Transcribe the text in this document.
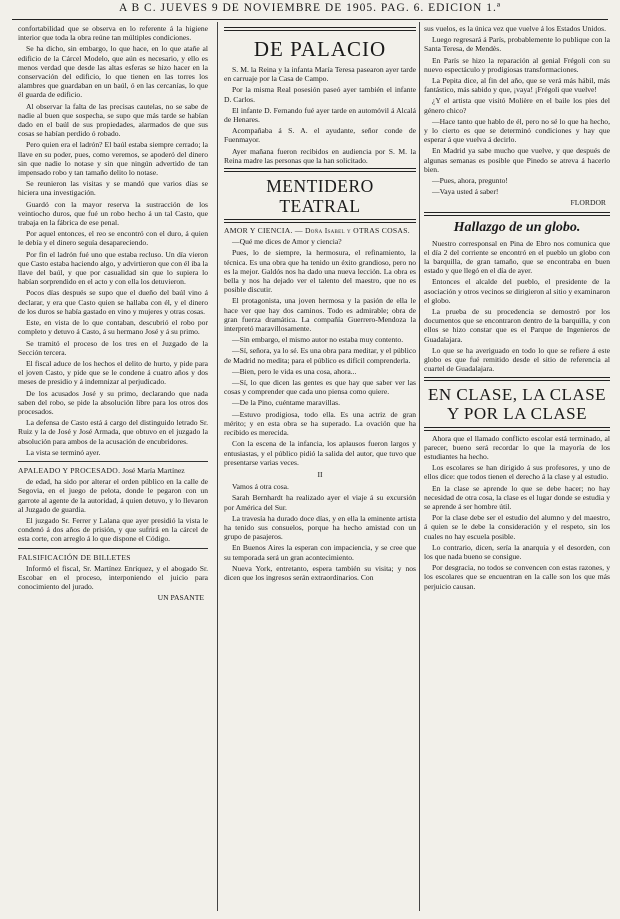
A B C. JUEVES 9 DE NOVIEMBRE DE 1905. PAG. 6. EDICION 1.ª

confortabilidad que se observa en lo referente á la higiene interior que toda la obra reúne tan múltiples condiciones.

Se ha dicho, sin embargo, lo que hace, en lo que atañe al edificio de la Cárcel Modelo, que aún es necesario, y ello es menos verdad que desde las altas esferas se hizo hacer en la conservación del edificio, lo que tienen en las torres los alambres que guardaban en un baúl, ó en las cercanías, lo que él guarda de edificio.

Al observar la falta de las precisas cautelas, no se sabe de nadie al buen que sospecha, se supo que más tarde se habían dado en el baúl de sus propiedades, alarmados de que sus cosas se habían perdido ó robado.

Pero quien era el ladrón? El baúl estaba siempre cerrado; la llave en su poder, pues, como veremos, se apoderó del dinero sin que nadie lo notase y sin que ningún advertido de tan impensado robo y tan tamaño delito lo notase.

Se reunieron las visitas y se mandó que varios días se hiciera una investigación.

Guardó con la mayor reserva la sustracción de los veintiocho duros, que fué un robo hecho á un tal Casto, que trabaja en la fábrica de ese penal.

Por aquel entonces, el reo se encontró con el duro, á quien le debía y el dinero seguía desapareciendo.

Por fin el ladrón fué uno que estaba recluso. Un día vieron que Casto estaba haciendo algo, y advirtieron que con él iba la llave del baúl, y que por casualidad sin que lo supiera lo habían sorprendido en el acto y con ella los detuvieron.

Pocos días después se supo que el dueño del baúl vino á declarar, y era que Casto quien se hallaba con él, y el dinero de los duros se había gastado en vino y mujeres y otras cosas.

Este, en vista de lo que contaban, descubrió el robo por completo y detuvo á Casto, á su hermano José y á su primo.

Se tramitó el proceso de los tres en el Juzgado de la Sección tercera.

El fiscal aduce de los hechos el delito de hurto, y pide para el joven Casto, y pide que se le condene á cuatro años y dos meses de presidio y á indemnizar al perjudicado.

De los acusados José y su primo, declarando que nada saben del robo, se pide la absolución libre para los otros dos procesados.

La defensa de Casto está á cargo del distinguido letrado Sr. Ruiz y la de José y José Armada, que obtuvo en el juzgado la absolución para ambos de la acusación de encubridores.

La vista se terminó ayer.

APALEADO Y PROCESADO. José María Martínez

de edad, ha sido por alterar el orden público en la calle de Segovia, en el juego de pelota, donde le pegaron con un garrote al agente de la autoridad, á quien detuvo, y lo llevaron al Juzgado de guardia.

El juzgado Sr. Ferrer y Lalana que ayer presidió la vista le condenó á dos años de prisión, y que sufrirá en la cárcel de esta corte, con arreglo á lo que dispone el Código.

FALSIFICACIÓN DE BILLETES

Informó el fiscal, Sr. Martínez Enríquez, y el abogado Sr. Escobar en el proceso, interponiendo el juicio para conocimiento del jurado.

UN PASANTE

DE PALACIO

S. M. la Reina y la infanta María Teresa pasearon ayer tarde en carruaje por la Casa de Campo.

Por la misma Real posesión paseó ayer también el infante D. Carlos.

El infante D. Fernando fué ayer tarde en automóvil á Alcalá de Henares.

Acompañaba á S. A. el ayudante, señor conde de Fuenmayor.

Ayer mañana fueron recibidos en audiencia por S. M. la Reina madre las personas que la han solicitado.

MENTIDERO TEATRAL

AMOR Y CIENCIA. — Doña Isabel y OTRAS COSAS.

—Qué me dices de Amor y ciencia?

Pues, lo de siempre, la hermosura, el refinamiento, la técnica. Es una obra que ha tenido un éxito grandioso, pero no es la mejor. Galdós nos ha dado una nueva lección. La obra es bella y nos ha dejado ver el talento del maestro, que no es posible discutir.

El protagonista, una joven hermosa y la pasión de ella le hace ver que hay dos caminos. Todo es admirable; obra de gran fuerza dramática. La compañía Guerrero-Mendoza la interpretó maravillosamente.

—Sin embargo, el mismo autor no estaba muy contento.

—Sí, señora, ya lo sé. Es una obra para meditar, y el público de Madrid no medita; para el público es difícil comprenderla.

—Bien, pero le vida es una cosa, ahora...

—Sí, lo que dicen las gentes es que hay que saber ver las cosas y comprender que cada uno piensa como quiere.

—De la Pino, cuéntame maravillas.

—Estuvo prodigiosa, todo ella. Es una actriz de gran mérito; y en esta obra se ha superado. La ovación que ha recibido es merecida.

Con la escena de la infancia, los aplausos fueron largos y entusiastas, y el público pidió la salida del autor, que tuvo que presentarse varias veces.

II

Vamos á otra cosa.

Sarah Bernhardt ha realizado ayer el viaje á su excursión por América del Sur.

La travesía ha durado doce días, y en ella la eminente artista ha tenido sus consuelos, porque ha hecho amistad con un grupo de pasajeros.

En Buenos Aires la esperan con impaciencia, y se cree que su temporada será un gran acontecimiento.

Nueva York, entretanto, espera también su visita; y nos dicen que los ingresos serán extraordinarios. Con

sus vuelos, es la única vez que vuelve á los Estados Unidos.

Luego regresará á París, probablemente lo publique con la Santa Teresa, de Mendès.

En París se hizo la reparación al genial Frégoli con su nuevo espectáculo y prodigiosas transformaciones.

La Pepita dice, al fin del año, que se verá más hábil, más fantástico, más sabido y que, ¡vaya! ¡Frégoli que vuelve!

¿Y el artista que visitó Molière en el baile los pies del género chico?

—Hace tanto que hablo de él, pero no sé lo que ha hecho, y lo cierto es que se determinó condiciones y hay que esperar á que vuelva á decirlo.

En Madrid ya sabe mucho que vuelve, y que después de algunas semanas es posible que Pinedo se atreva á hacerlo bien.

—Pues, ahora, pregunto!

—Vaya usted á saber!

FLORDOR

Hallazgo de un globo.

Nuestro corresponsal en Pina de Ebro nos comunica que el día 2 del corriente se encontró en el pueblo un globo con la barquilla, de gran tamaño, que se encontraba en buen estado y que llegó en el día de ayer.

Entonces el alcalde del pueblo, el presidente de la asociación y otros vecinos se dirigieron al sitio y examinaron el globo.

La prueba de su procedencia se demostró por los documentos que se encontraron dentro de la barquilla, y con ellos se hizo constar que es el Parque de Ingenieros de Guadalajara.

Lo que se ha averiguado en todo lo que se refiere á este globo es que fué remitido desde el sitio de referencia al cuartel de Guadalajara.

EN CLASE, LA CLASE Y POR LA CLASE

Ahora que el llamado conflicto escolar está terminado, al parecer, bueno será recordar lo que la mayoría de los estudiantes ha hecho.

Los escolares se han dirigido á sus profesores, y uno de ellos dice: que todos tienen el derecho á la clase y al estudio.

En la clase se aprende lo que se debe hacer; no hay necesidad de otra cosa, la clase es el lugar donde se estudia y se aprende á ser hombre útil.

Por la clase debe ser el estudio del alumno y del maestro, á quien se le debe la consideración y el respeto, sin los cuales no hay escuela posible.

Lo contrario, dicen, sería la anarquía y el desorden, con los que nada bueno se consigue.

Por desgracia, no todos se convencen con estas razones, y los escolares que se encuentran en la calle son los que más perjuicio causan.
